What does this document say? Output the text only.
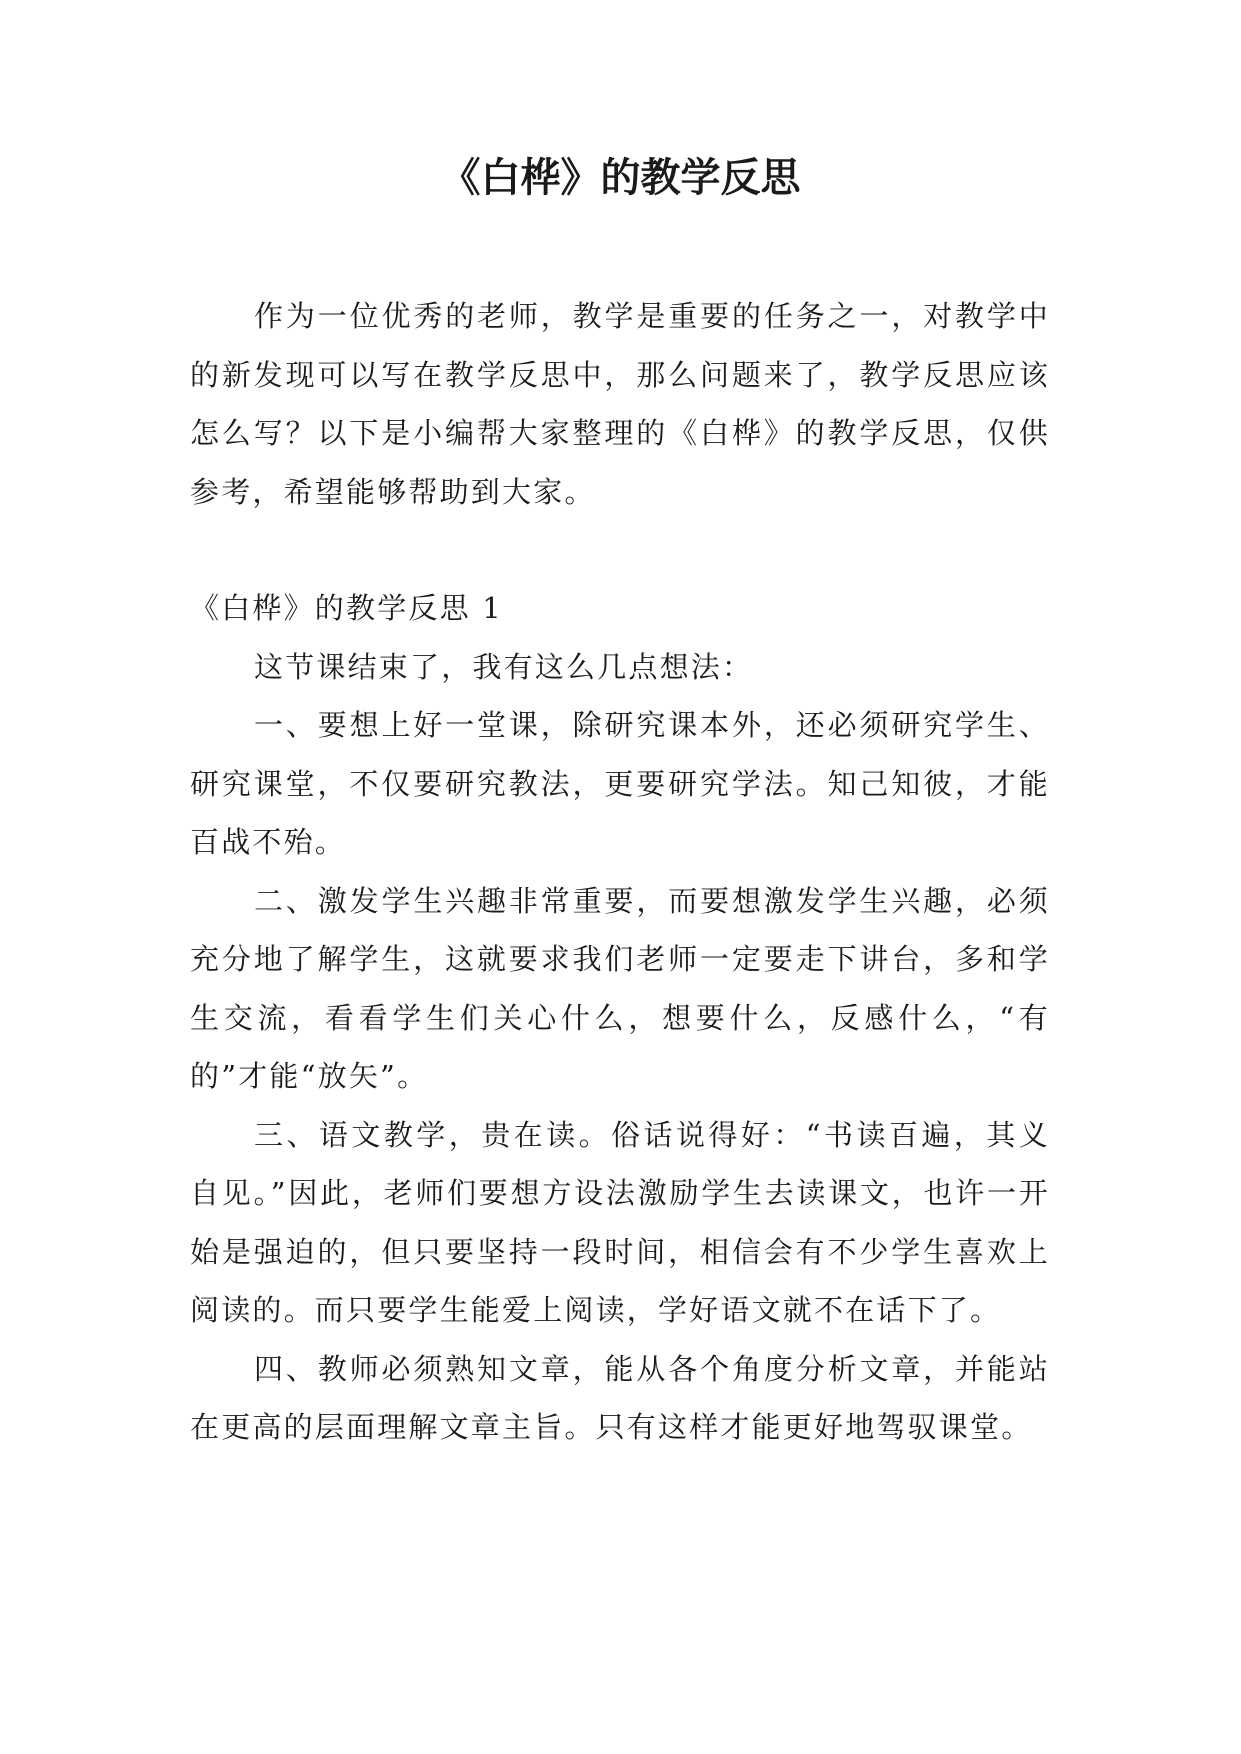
《白桦》的教学反思

作为一位优秀的老师，教学是重要的任务之一，对教学中的新发现可以写在教学反思中，那么问题来了，教学反思应该怎么写？以下是小编帮大家整理的《白桦》的教学反思，仅供参考，希望能够帮助到大家。

《白桦》的教学反思 1

这节课结束了，我有这么几点想法：

一、要想上好一堂课，除研究课本外，还必须研究学生、研究课堂，不仅要研究教法，更要研究学法。知己知彼，才能百战不殆。

二、激发学生兴趣非常重要，而要想激发学生兴趣，必须充分地了解学生，这就要求我们老师一定要走下讲台，多和学生交流，看看学生们关心什么，想要什么，反感什么，“有的”才能“放矢”。

三、语文教学，贵在读。俗话说得好：“书读百遍，其义自见。”因此，老师们要想方设法激励学生去读课文，也许一开始是强迫的，但只要坚持一段时间，相信会有不少学生喜欢上阅读的。而只要学生能爱上阅读，学好语文就不在话下了。

四、教师必须熟知文章，能从各个角度分析文章，并能站在更高的层面理解文章主旨。只有这样才能更好地驾驭课堂。
